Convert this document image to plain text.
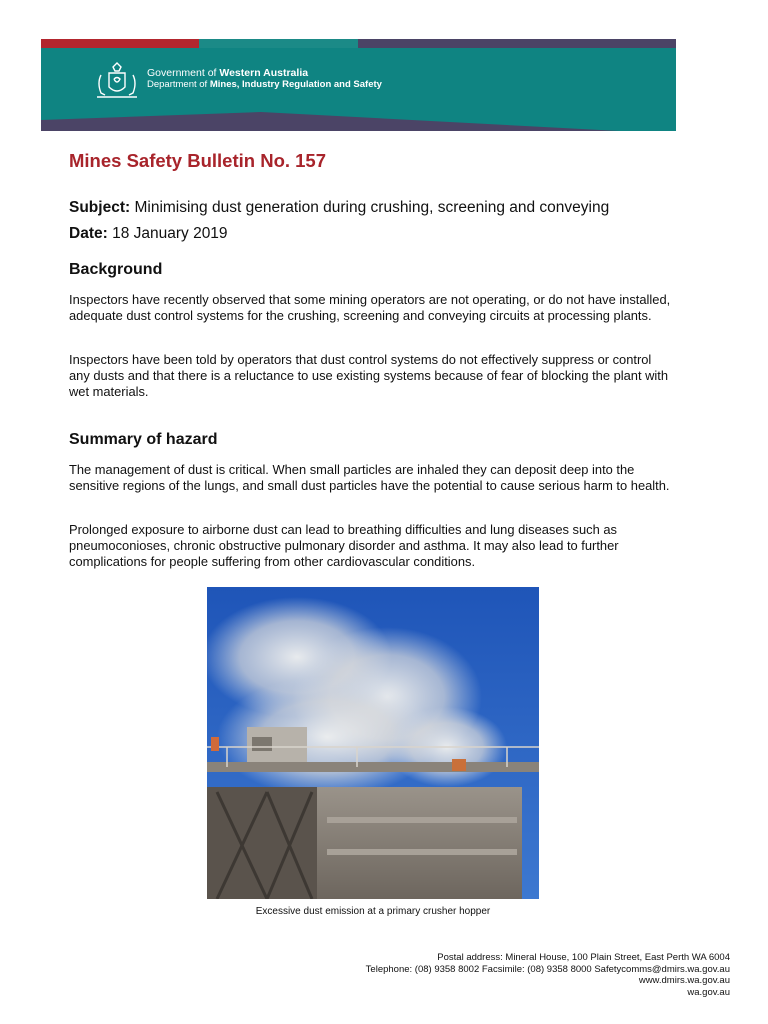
Government of Western Australia
Department of Mines, Industry Regulation and Safety
Mines Safety Bulletin No. 157

Subject: Minimising dust generation during crushing, screening and conveying

Date: 18 January 2019

Background

Inspectors have recently observed that some mining operators are not operating, or do not have installed, adequate dust control systems for the crushing, screening and conveying circuits at processing plants.

Inspectors have been told by operators that dust control systems do not effectively suppress or control any dusts and that there is a reluctance to use existing systems because of fear of blocking the plant with wet materials.

Summary of hazard

The management of dust is critical. When small particles are inhaled they can deposit deep into the sensitive regions of the lungs, and small dust particles have the potential to cause serious harm to health.

Prolonged exposure to airborne dust can lead to breathing difficulties and lung diseases such as pneumoconioses, chronic obstructive pulmonary disorder and asthma. It may also lead to further complications for people suffering from other cardiovascular conditions.

Excessive dust emission at a primary crusher hopper
Postal address: Mineral House, 100 Plain Street, East Perth WA 6004
Telephone: (08) 9358 8002 Facsimile: (08) 9358 8000 Safetycomms@dmirs.wa.gov.au
www.dmirs.wa.gov.au
wa.gov.au
